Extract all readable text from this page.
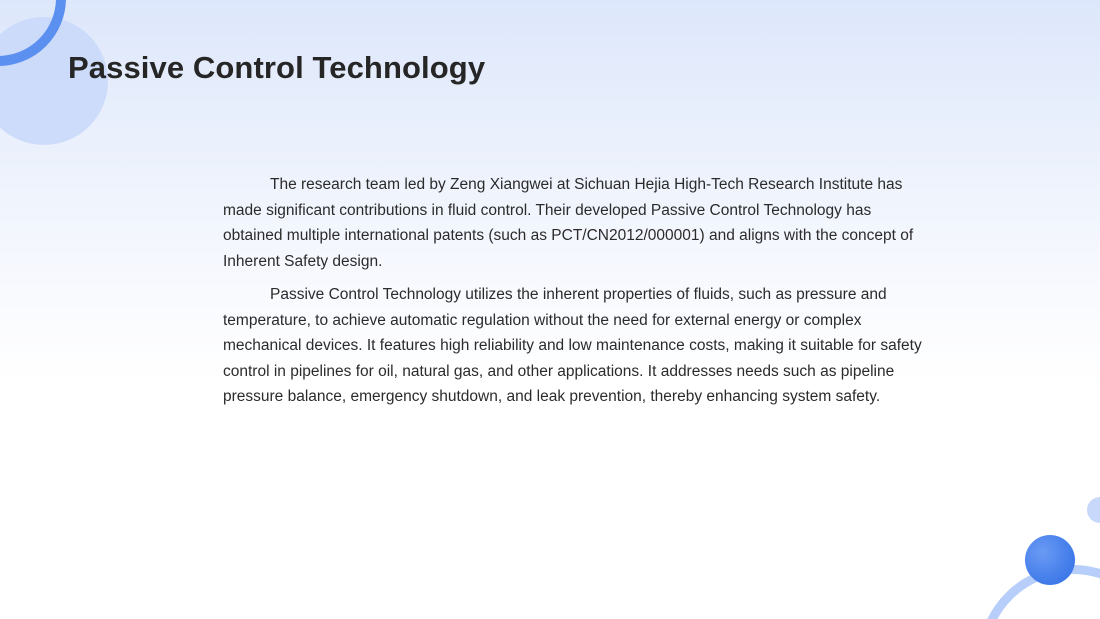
Passive Control Technology

The research team led by Zeng Xiangwei at Sichuan Hejia High-Tech Research Institute has made significant contributions in fluid control. Their developed Passive Control Technology has obtained multiple international patents (such as PCT/CN2012/000001) and aligns with the concept of Inherent Safety design.

Passive Control Technology utilizes the inherent properties of fluids, such as pressure and temperature, to achieve automatic regulation without the need for external energy or complex mechanical devices. It features high reliability and low maintenance costs, making it suitable for safety control in pipelines for oil, natural gas, and other applications. It addresses needs such as pipeline pressure balance, emergency shutdown, and leak prevention, thereby enhancing system safety.
